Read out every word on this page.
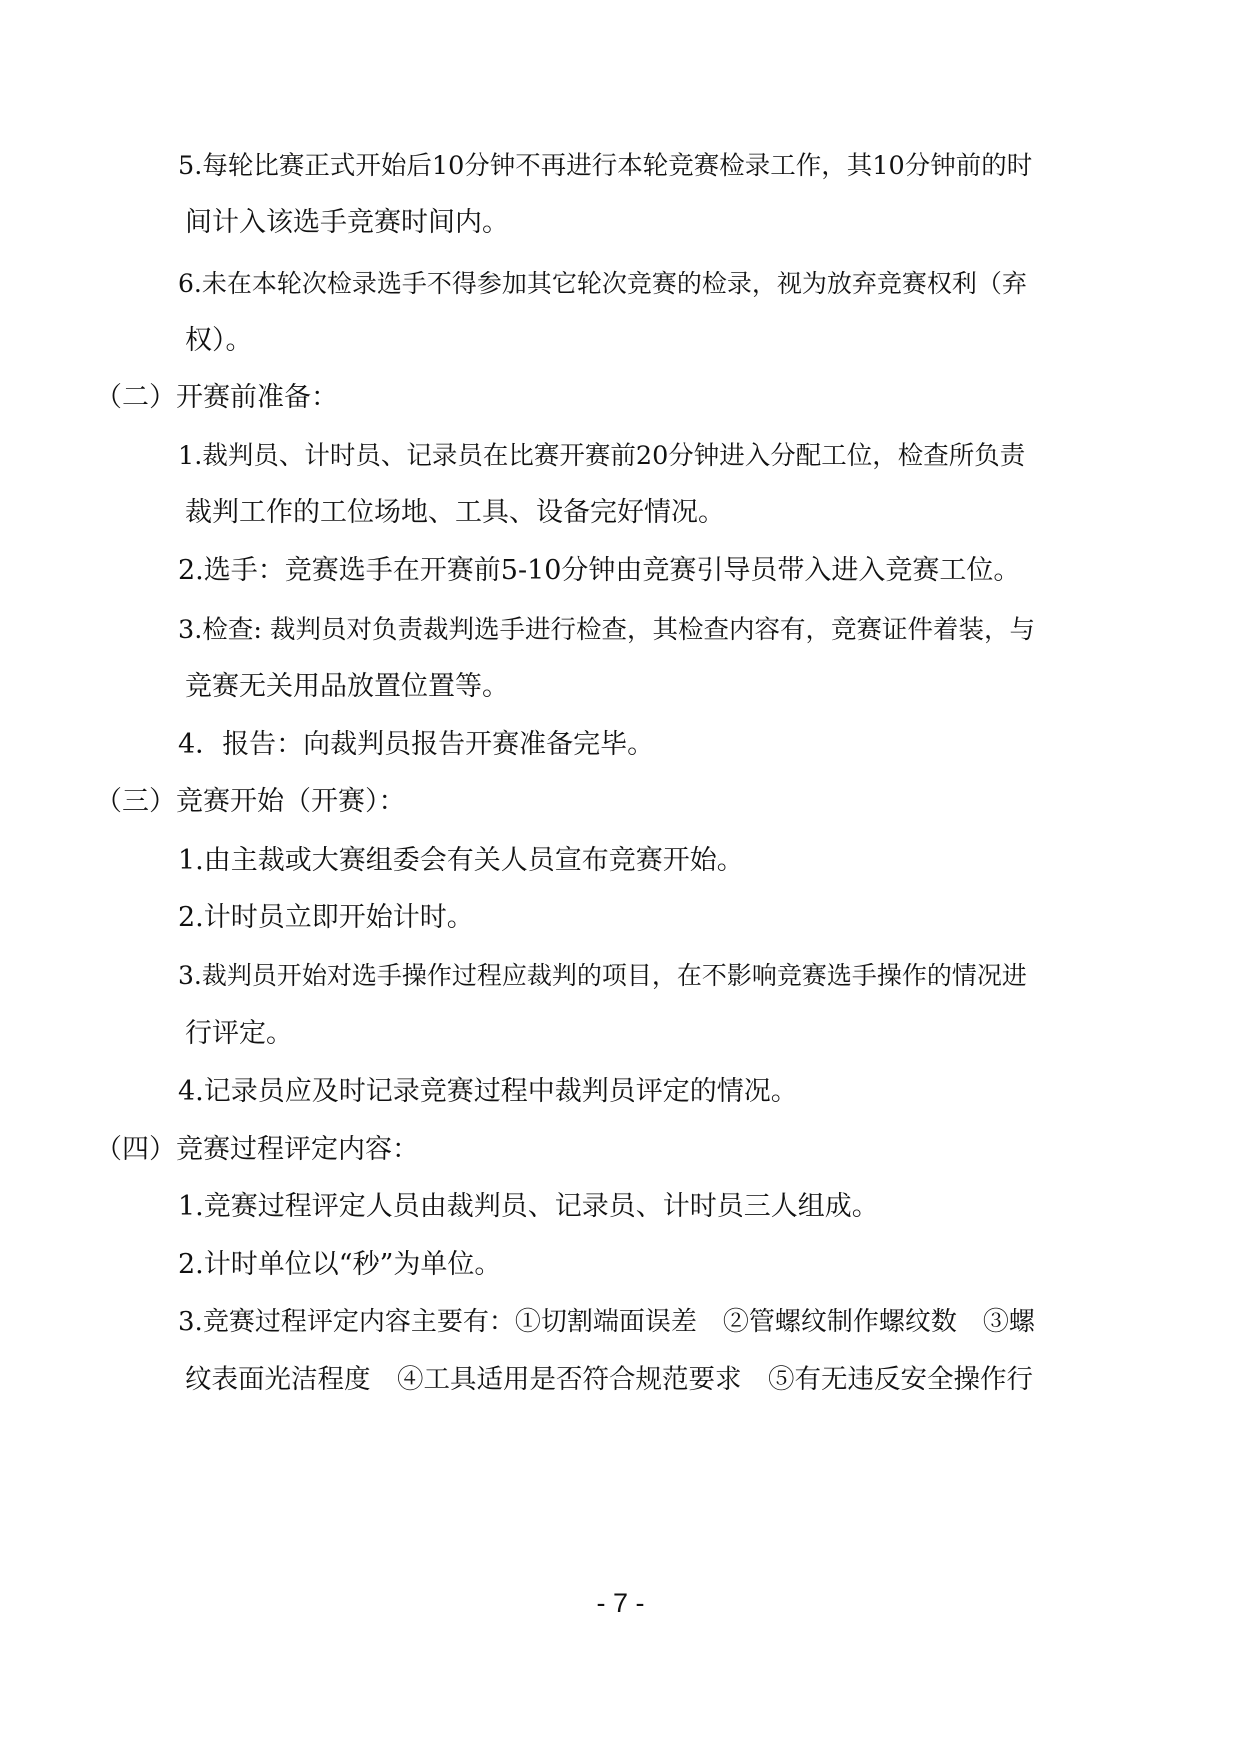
5.每轮比赛正式开始后10分钟不再进行本轮竞赛检录工作，其10分钟前的时
间计入该选手竞赛时间内。
6.未在本轮次检录选手不得参加其它轮次竞赛的检录，视为放弃竞赛权利（弃
权）。
（二）开赛前准备：
1.裁判员、计时员、记录员在比赛开赛前20分钟进入分配工位，检查所负责
裁判工作的工位场地、工具、设备完好情况。
2.选手：竞赛选手在开赛前5-10分钟由竞赛引导员带入进入竞赛工位。
3.检查: 裁判员对负责裁判选手进行检查，其检查内容有，竞赛证件着装，与
竞赛无关用品放置位置等。
4．报告：向裁判员报告开赛准备完毕。
（三）竞赛开始（开赛）：
1.由主裁或大赛组委会有关人员宣布竞赛开始。
2.计时员立即开始计时。
3.裁判员开始对选手操作过程应裁判的项目，在不影响竞赛选手操作的情况进
行评定。
4.记录员应及时记录竞赛过程中裁判员评定的情况。
（四）竞赛过程评定内容：
1.竞赛过程评定人员由裁判员、记录员、计时员三人组成。
2.计时单位以“秒”为单位。
3.竞赛过程评定内容主要有：①切割端面误差　②管螺纹制作螺纹数　③螺
纹表面光洁程度　④工具适用是否符合规范要求　⑤有无违反安全操作行
- 7 -
